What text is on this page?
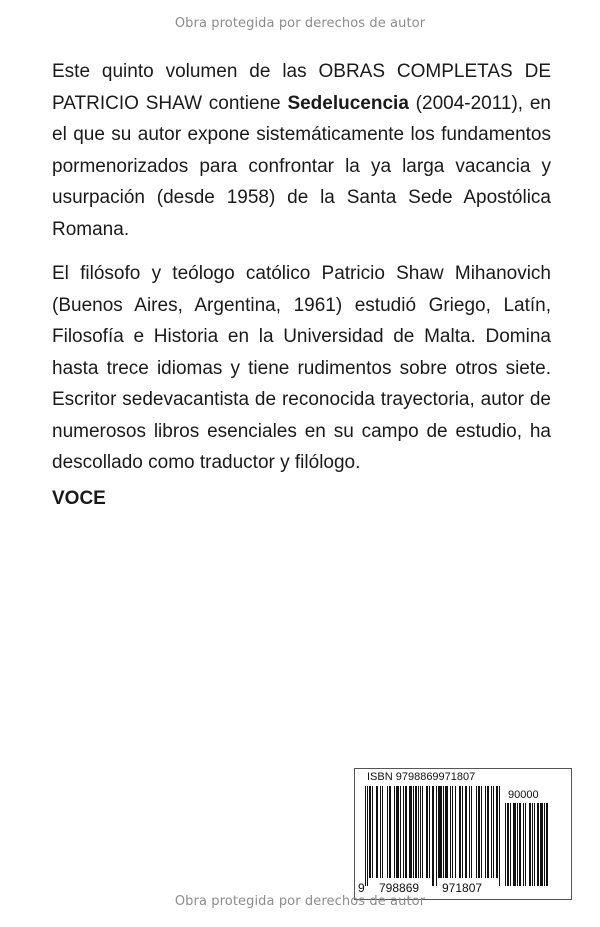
Obra protegida por derechos de autor
Este quinto volumen de las OBRAS COMPLETAS DE PATRICIO SHAW contiene Sedelucencia (2004-2011), en el que su autor expone sistemáticamente los fundamentos pormenorizados para confrontar la ya larga vacancia y usurpación (desde 1958) de la Santa Sede Apostólica Romana.
El filósofo y teólogo católico Patricio Shaw Mihanovich (Buenos Aires, Argentina, 1961) estudió Griego, Latín, Filosofía e Historia en la Universidad de Malta. Domina hasta trece idiomas y tiene rudimentos sobre otros siete. Escritor sedevacantista de reconocida trayectoria, autor de numerosos libros esenciales en su campo de estudio, ha descollado como traductor y filólogo.
VOCE
ISBN 9798869971807
90000
9 798869 971807
Obra protegida por derechos de autor
